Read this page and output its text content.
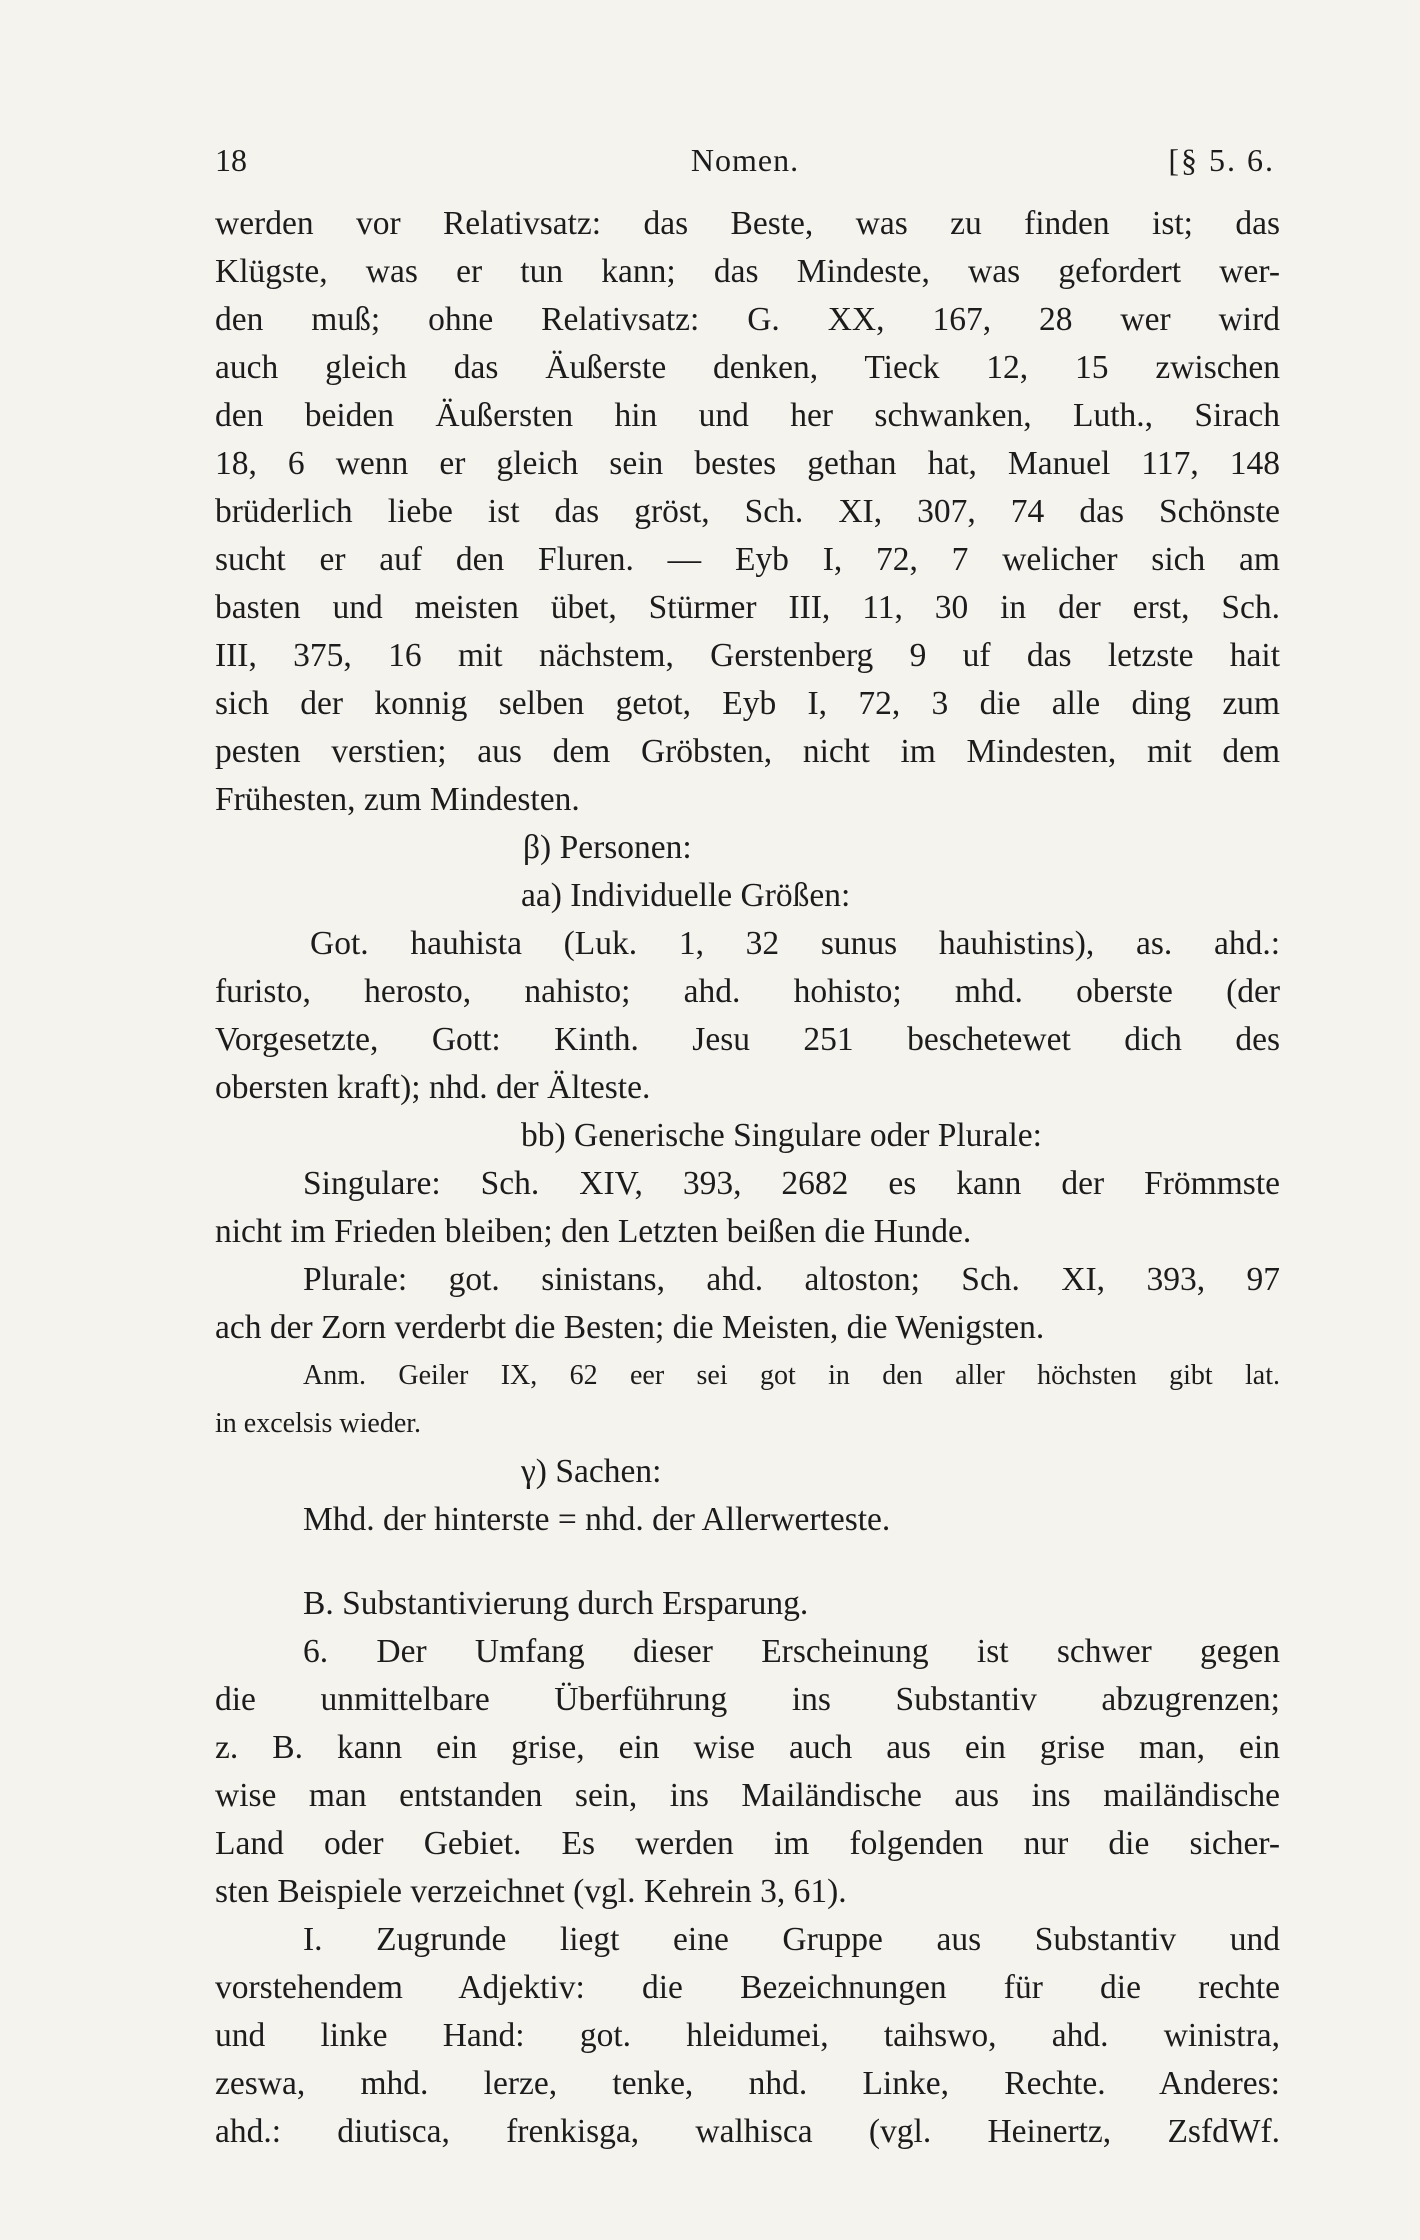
18	Nomen.	[§ 5. 6.
werden vor Relativsatz: das Beste, was zu finden ist; das
Klügste, was er tun kann; das Mindeste, was gefordert wer-
den muß; ohne Relativsatz: G. XX, 167, 28 wer wird
auch gleich das Äußerste denken, Tieck 12, 15 zwischen
den beiden Äußersten hin und her schwanken, Luth., Sirach
18, 6 wenn er gleich sein bestes gethan hat, Manuel 117, 148
brüderlich liebe ist das gröst, Sch. XI, 307, 74 das Schönste
sucht er auf den Fluren. — Eyb I, 72, 7 welicher sich am
basten und meisten übet, Stürmer III, 11, 30 in der erst, Sch.
III, 375, 16 mit nächstem, Gerstenberg 9 uf das letzste hait
sich der konnig selben getot, Eyb I, 72, 3 die alle ding zum
pesten verstien; aus dem Gröbsten, nicht im Mindesten, mit dem
Frühesten, zum Mindesten.
β) Personen:
aa) Individuelle Größen:
Got. hauhista (Luk. 1, 32 sunus hauhistins), as. ahd.:
furisto, herosto, nahisto; ahd. hohisto; mhd. oberste (der
Vorgesetzte, Gott: Kinth. Jesu 251 beschetewet dich des
obersten kraft); nhd. der Älteste.
bb) Generische Singulare oder Plurale:
Singulare: Sch. XIV, 393, 2682 es kann der Frömmste
nicht im Frieden bleiben; den Letzten beißen die Hunde.
Plurale: got. sinistans, ahd. altoston; Sch. XI, 393, 97
ach der Zorn verderbt die Besten; die Meisten, die Wenigsten.
Anm. Geiler IX, 62 eer sei got in den aller höchsten gibt lat.
in excelsis wieder.
γ) Sachen:
Mhd. der hinterste = nhd. der Allerwerteste.
B. Substantivierung durch Ersparung.
6. Der Umfang dieser Erscheinung ist schwer gegen
die unmittelbare Überführung ins Substantiv abzugrenzen;
z. B. kann ein grise, ein wise auch aus ein grise man, ein
wise man entstanden sein, ins Mailändische aus ins mailändische
Land oder Gebiet. Es werden im folgenden nur die sicher-
sten Beispiele verzeichnet (vgl. Kehrein 3, 61).
I. Zugrunde liegt eine Gruppe aus Substantiv und
vorstehendem Adjektiv: die Bezeichnungen für die rechte
und linke Hand: got. hleidumei, taihswo, ahd. winistra,
zeswa, mhd. lerze, tenke, nhd. Linke, Rechte. Anderes:
ahd.: diutisca, frenkisga, walhisca (vgl. Heinertz, ZsfdWf.
